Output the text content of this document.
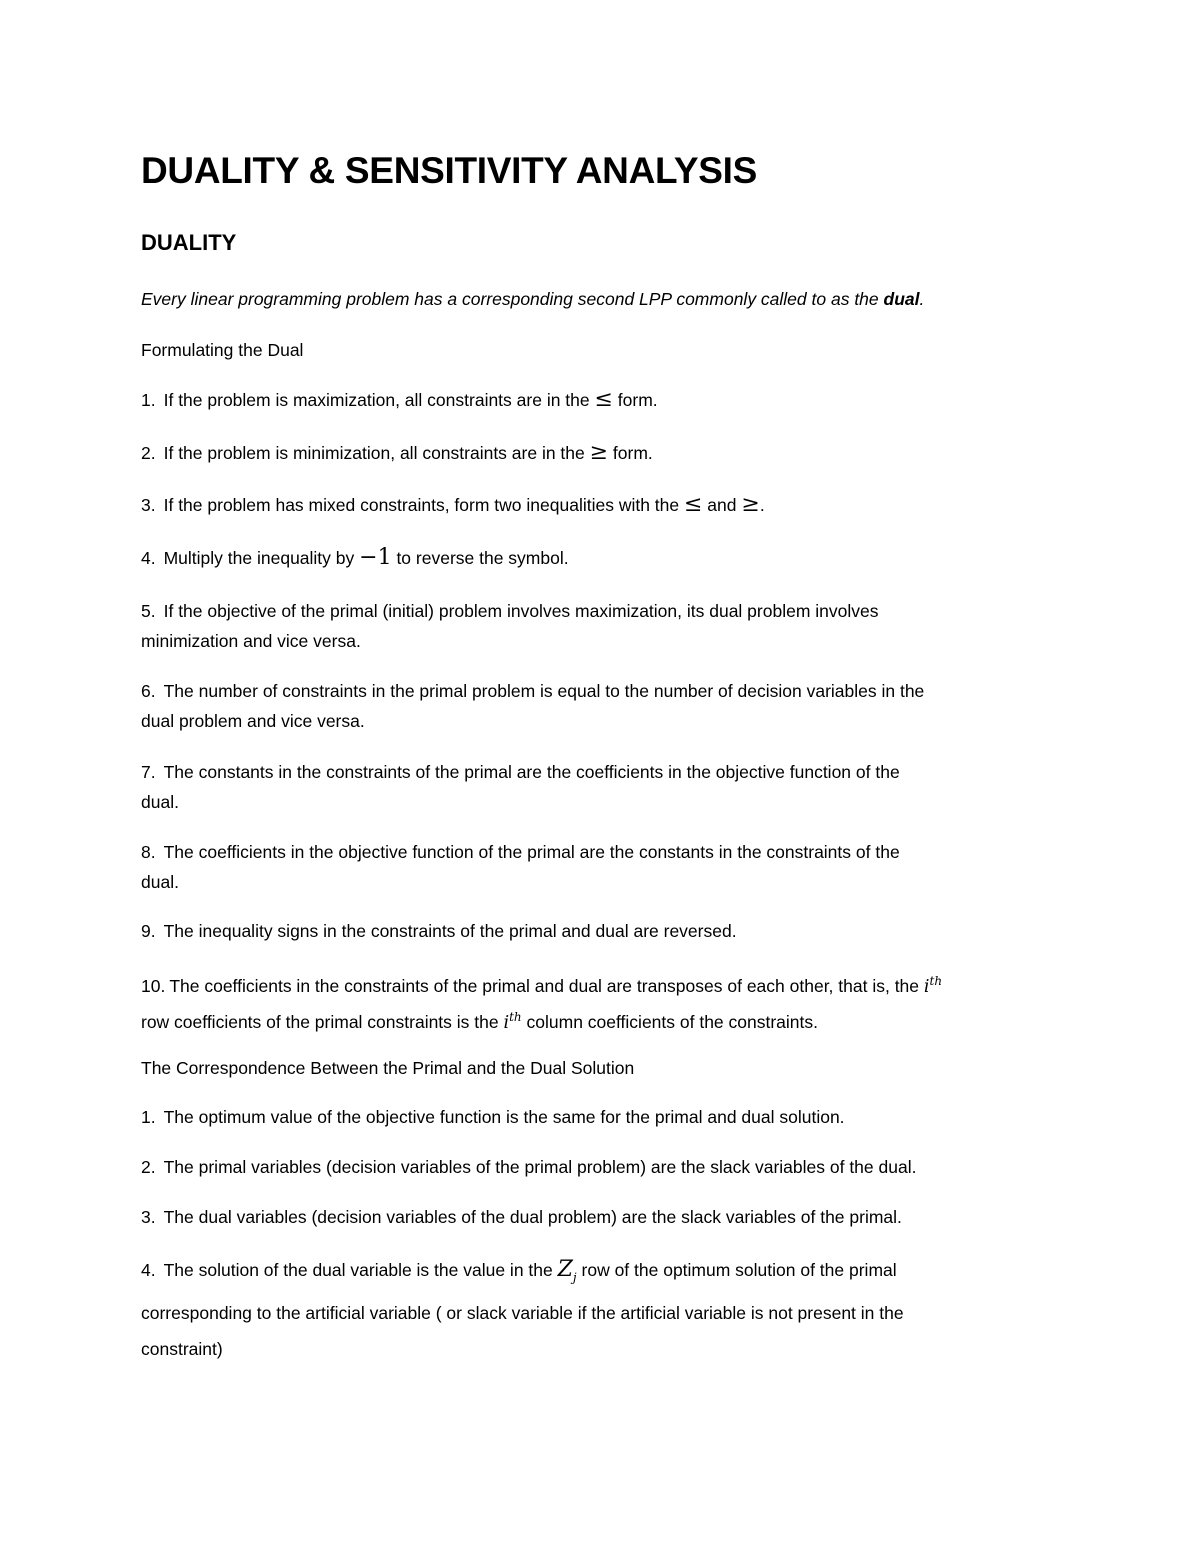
DUALITY & SENSITIVITY ANALYSIS
DUALITY

Every linear programming problem has a corresponding second LPP commonly called to as the dual.

Formulating the Dual

1. If the problem is maximization, all constraints are in the ≤ form.

2. If the problem is minimization, all constraints are in the ≥ form.

3. If the problem has mixed constraints, form two inequalities with the ≤ and ≥.

4. Multiply the inequality by −1 to reverse the symbol.

5. If the objective of the primal (initial) problem involves maximization, its dual problem involves
minimization and vice versa.

6. The number of constraints in the primal problem is equal to the number of decision variables in the
dual problem and vice versa.

7. The constants in the constraints of the primal are the coefficients in the objective function of the
dual.

8. The coefficients in the objective function of the primal are the constants in the constraints of the
dual.

9. The inequality signs in the constraints of the primal and dual are reversed.

10. The coefficients in the constraints of the primal and dual are transposes of each other, that is, the $i^{th}$
row coefficients of the primal constraints is the $i^{th}$ column coefficients of the constraints.

The Correspondence Between the Primal and the Dual Solution

1. The optimum value of the objective function is the same for the primal and dual solution.

2. The primal variables (decision variables of the primal problem) are the slack variables of the dual.

3. The dual variables (decision variables of the dual problem) are the slack variables of the primal.

4. The solution of the dual variable is the value in the $Z_j$ row of the optimum solution of the primal
corresponding to the artificial variable ( or slack variable if the artificial variable is not present in the
constraint)
